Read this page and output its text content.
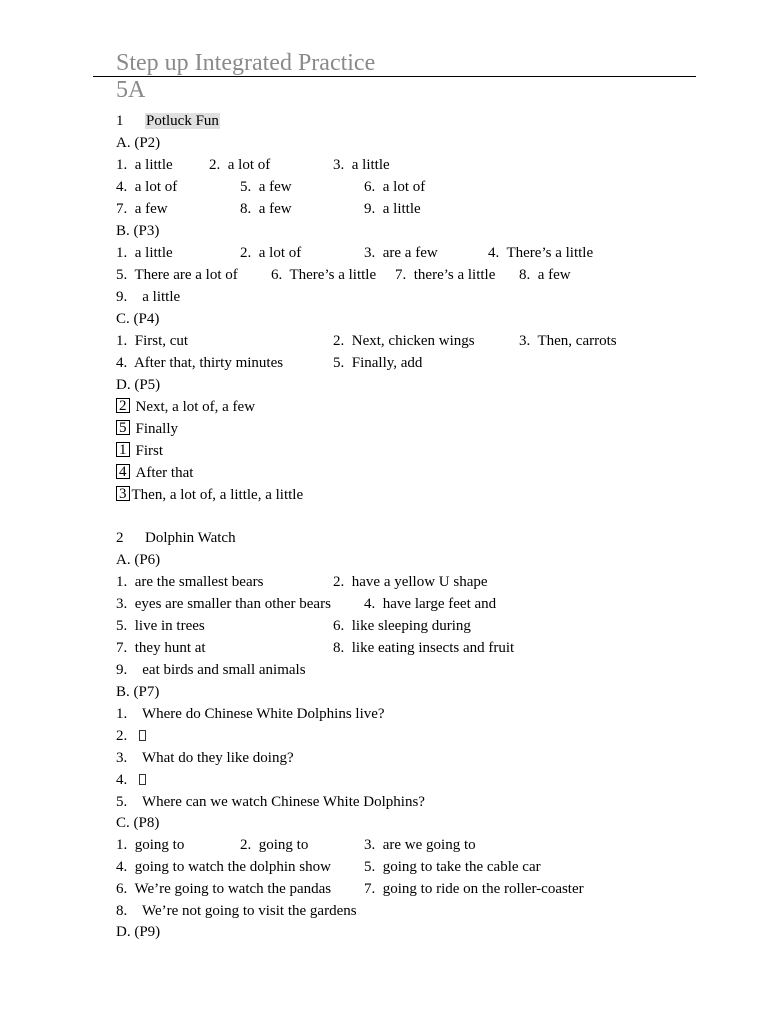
Step up Integrated Practice
5A
1 Potluck Fun
A. (P2)
1. a little 2. a lot of	3. a little
4. a lot of	5. a few	6. a lot of
7. a few	8. a few	9. a little
B. (P3)
1. a little	2. a lot of	3. are a few	4. There’s a little
5. There are a lot of 6. There’s a little 7. there’s a little 8. a few
9. a little
C. (P4)
1. First, cut	2. Next, chicken wings	3. Then, carrots
4. After that, thirty minutes	5. Finally, add
D. (P5)
2 Next, a lot of, a few
5 Finally
1 First
4 After that
3 Then, a lot of, a little, a little
2 Dolphin Watch
A. (P6)
1. are the smallest bears	2. have a yellow U shape
3. eyes are smaller than other bears 4. have large feet and
5. live in trees	6. like sleeping during
7. they hunt at	8. like eating insects and fruit
9. eat birds and small animals
B. (P7)
1. Where do Chinese White Dolphins live?
2.
3. What do they like doing?
4.
5. Where can we watch Chinese White Dolphins?
C. (P8)
1. going to	2. going to	3. are we going to
4. going to watch the dolphin show 5. going to take the cable car
6. We’re going to watch the pandas 7. going to ride on the roller-coaster
8. We’re not going to visit the gardens
D. (P9)
